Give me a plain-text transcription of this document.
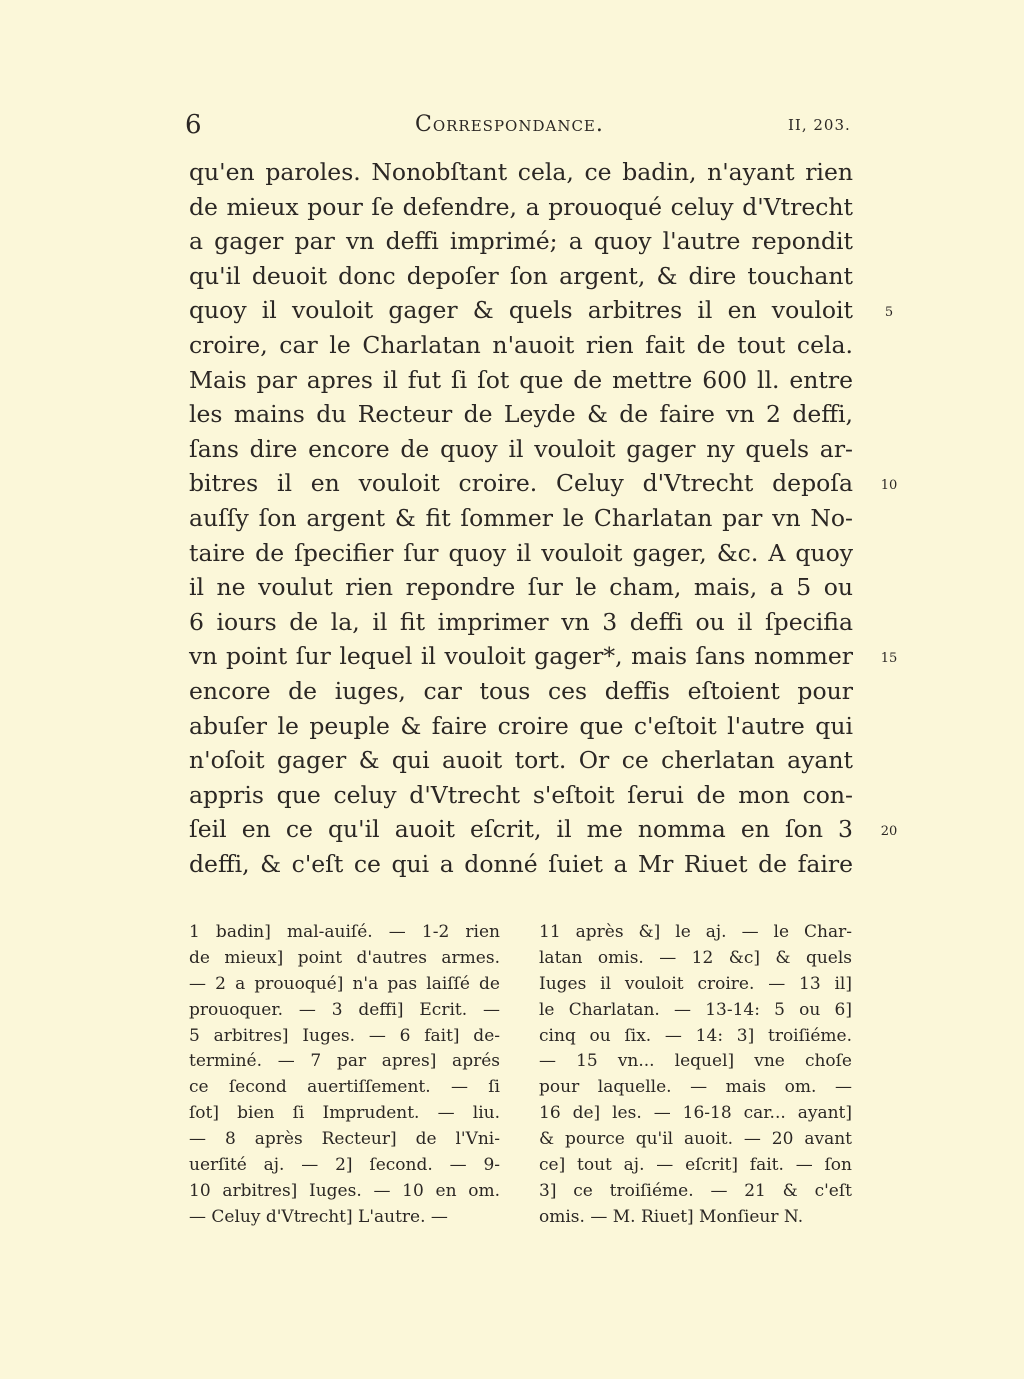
6	Correspondance.	II, 203.
qu'en paroles. Nonobſtant cela, ce badin, n'ayant rien
de mieux pour ſe defendre, a prouoqué celuy d'Vtrecht
a gager par vn deffi imprimé; a quoy l'autre repondit
qu'il deuoit donc depoſer ſon argent, & dire touchant
quoy il vouloit gager & quels arbitres il en vouloit
croire, car le Charlatan n'auoit rien fait de tout cela.
Mais par apres il fut ſi ſot que de mettre 600 ll. entre
les mains du Recteur de Leyde & de faire vn 2 deffi,
ſans dire encore de quoy il vouloit gager ny quels ar-
bitres il en vouloit croire. Celuy d'Vtrecht depoſa
auſſy ſon argent & fit ſommer le Charlatan par vn No-
taire de ſpecifier ſur quoy il vouloit gager, &c. A quoy
il ne voulut rien repondre ſur le cham, mais, a 5 ou
6 iours de la, il fit imprimer vn 3 deffi ou il ſpecifia
vn point ſur lequel il vouloit gager*, mais ſans nommer
encore de iuges, car tous ces deffis eſtoient pour
abuſer le peuple & faire croire que c'eſtoit l'autre qui
n'oſoit gager & qui auoit tort. Or ce cherlatan ayant
appris que celuy d'Vtrecht s'eſtoit ſerui de mon con-
ſeil en ce qu'il auoit eſcrit, il me nomma en ſon 3
deffi, & c'eſt ce qui a donné ſuiet a Mr Riuet de faire
5
10
15
20
1 badin] mal-auiſé. — 1-2 rien
de mieux] point d'autres armes.
— 2 a prouoqué] n'a pas laiſſé de
prouoquer. — 3 deffi] Ecrit. —
5 arbitres] Iuges. — 6 fait] de-
terminé. — 7 par apres] aprés
ce ſecond auertiſſement. — ſi
ſot] bien ſi Imprudent. — liu.
— 8 après Recteur] de l'Vni-
uerſité aj. — 2] ſecond. — 9-
10 arbitres] Iuges. — 10 en om.
— Celuy d'Vtrecht] L'autre. —
11 après &] le aj. — le Char-
latan omis. — 12 &c] & quels
Iuges il vouloit croire. — 13 il]
le Charlatan. — 13-14: 5 ou 6]
cinq ou ſix. — 14: 3] troiſiéme.
— 15 vn... lequel] vne choſe
pour laquelle. — mais om. —
16 de] les. — 16-18 car... ayant]
& pource qu'il auoit. — 20 avant
ce] tout aj. — eſcrit] fait. — ſon
3] ce troiſiéme. — 21 & c'eſt
omis. — M. Riuet] Monſieur N.
